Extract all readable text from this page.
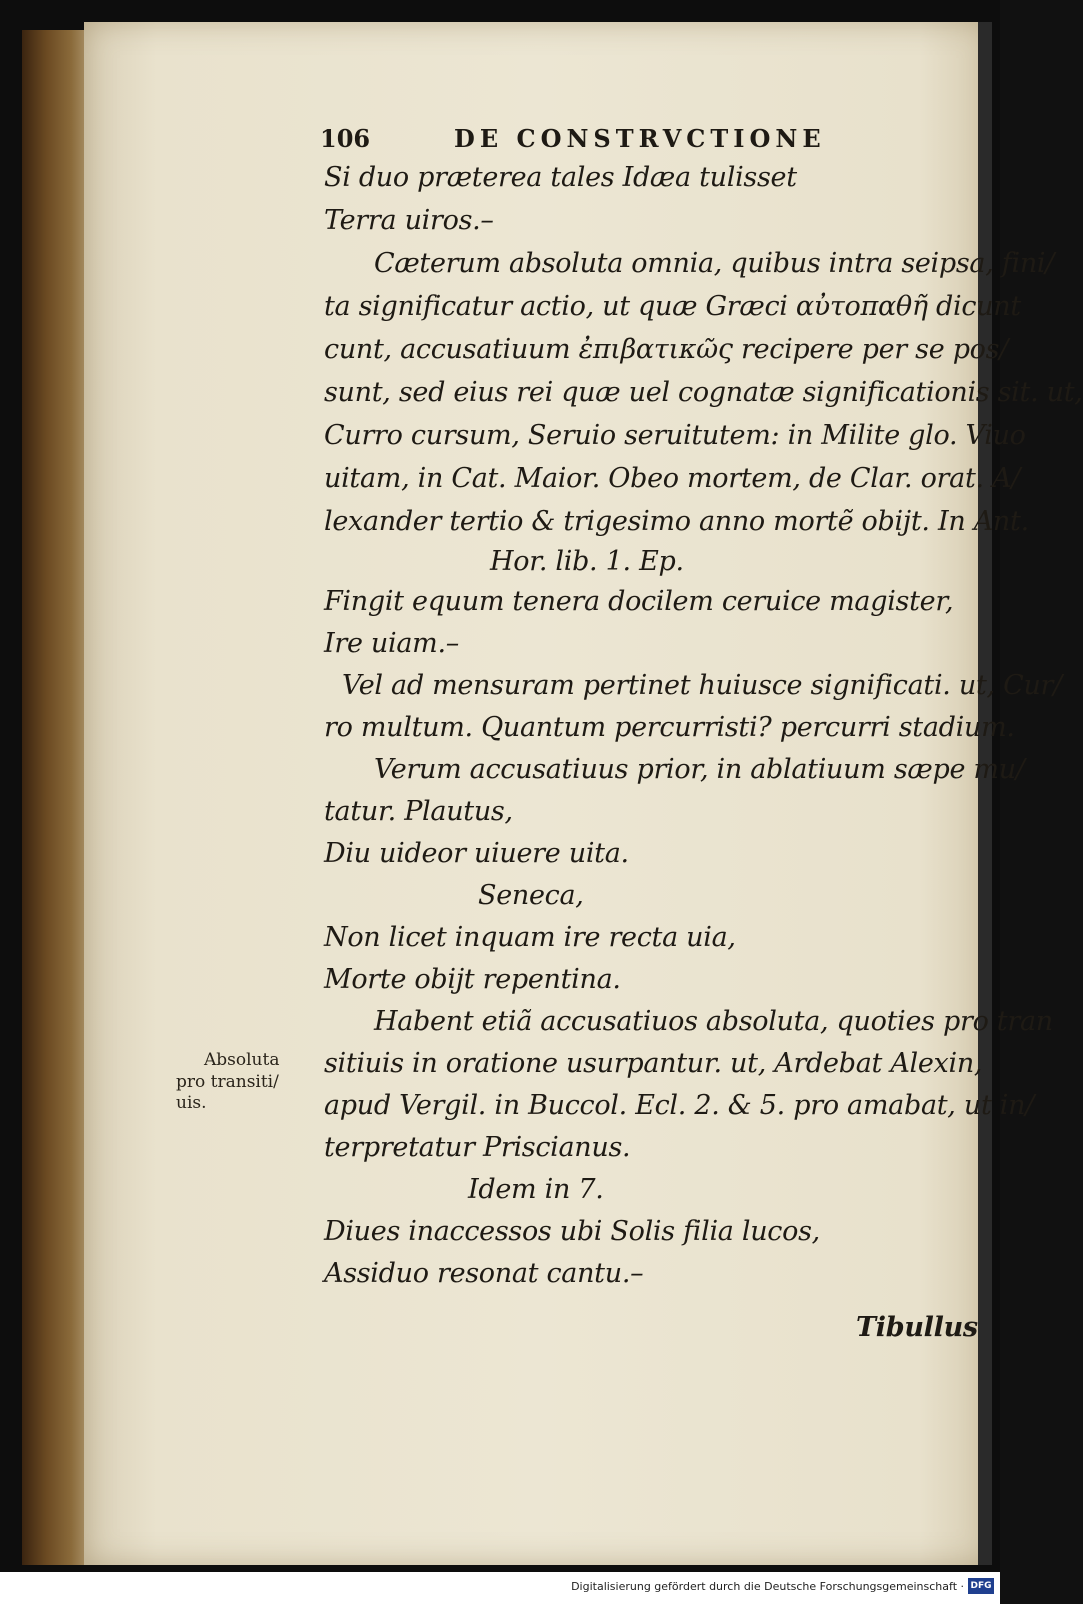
106	DE CONSTRVCTIONE
Si duo præterea tales Idæa tulisset
Terra uiros.–
Cæterum absoluta omnia, quibus intra seipsa, fini/
ta significatur actio, ut quæ Græci αὐτοπαθῆ dicunt
cunt, accusatiuum ἐπιβατικῶς recipere per se pos/
sunt, sed eius rei quæ uel cognatæ significationis sit. ut,
Curro cursum, Seruio seruitutem: in Milite glo. Viuo
uitam, in Cat. Maior. Obeo mortem, de Clar. orat. A/
lexander tertio & trigesimo anno mortẽ obijt. In Ant.
Hor. lib. 1. Ep.
Fingit equum tenera docilem ceruice magister,
Ire uiam.–
Vel ad mensuram pertinet huiusce significati. ut, Cur/
ro multum. Quantum percurristi? percurri stadium.
Verum accusatiuus prior, in ablatiuum sæpe mu/
tatur. Plautus,
Diu uideor uiuere uita.
Seneca,
Non licet inquam ire recta uia,
Morte obijt repentina.
Habent etiã accusatiuos absoluta, quoties pro tran
sitiuis in oratione usurpantur. ut, Ardebat Alexin,
apud Vergil. in Buccol. Ecl. 2. & 5. pro amabat, ut in/
terpretatur Priscianus.
Idem in 7.
Diues inaccessos ubi Solis filia lucos,
Assiduo resonat cantu.–
Tibullus
Absoluta
pro transiti/
uis.
Digitalisierung gefördert durch die Deutsche Forschungsgemeinschaft · DFG
